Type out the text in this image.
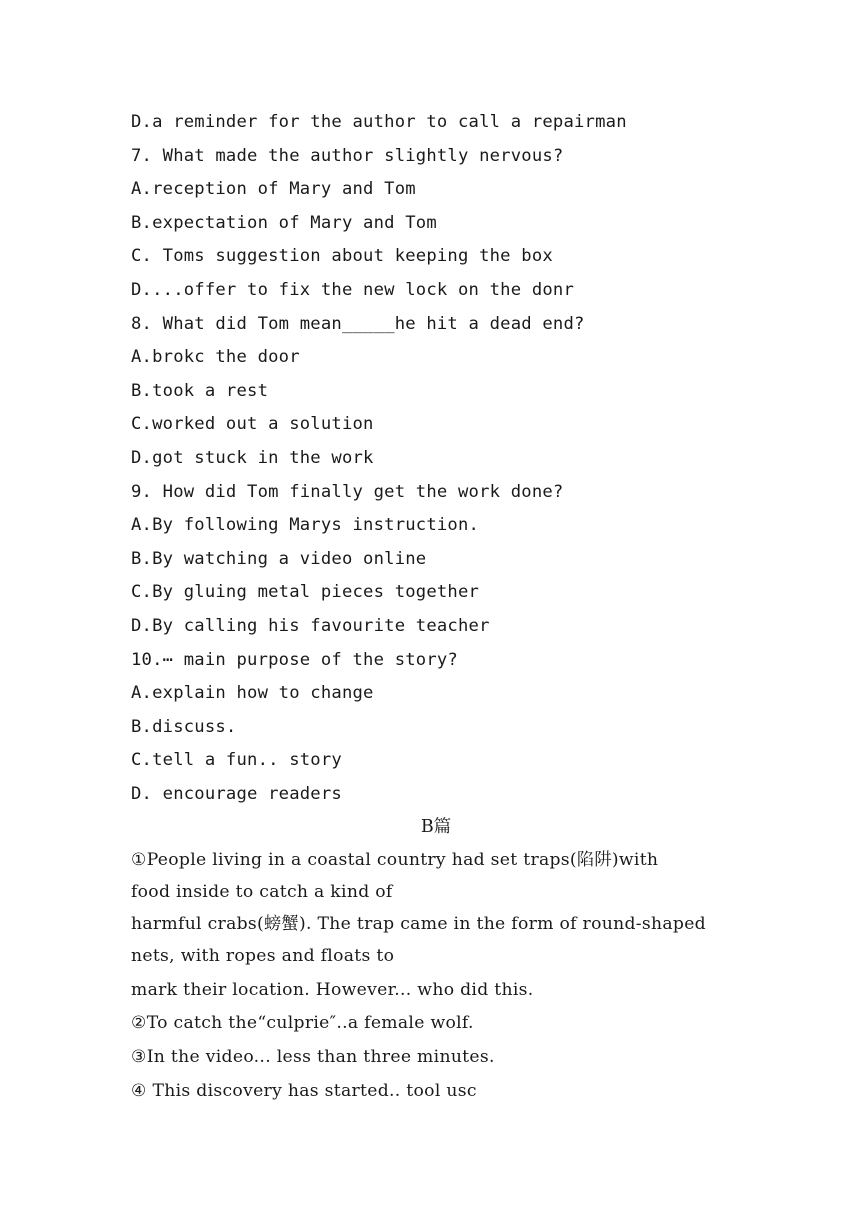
D.a reminder for the author to call a repairman
7. What made the author slightly nervous?
A.reception of Mary and Tom
B.expectation of Mary and Tom
C. Toms suggestion about keeping the box
D....offer to fix the new lock on the donr
8. What did Tom mean_____he hit a dead end?
A.brokc the door
B.took a rest
C.worked out a solution
D.got stuck in the work
9. How did Tom finally get the work done?
A.By following Marys instruction.
B.By watching a video online
C.By gluing metal pieces together
D.By calling his favourite teacher
10.⋯ main purpose of the story?
A.explain how to change
B.discuss.
C.tell a fun.. story
D. encourage readers
B篇
①People living in a coastal country had set traps(陷阱)with
food inside to catch a kind of
harmful crabs(螃蟹). The trap came in the form of round-shaped
nets, with ropes and floats to
mark their location. However... who did this.
②To catch the“culprie″..a female wolf.
③In the video... less than three minutes.
④ This discovery has started.. tool usc
